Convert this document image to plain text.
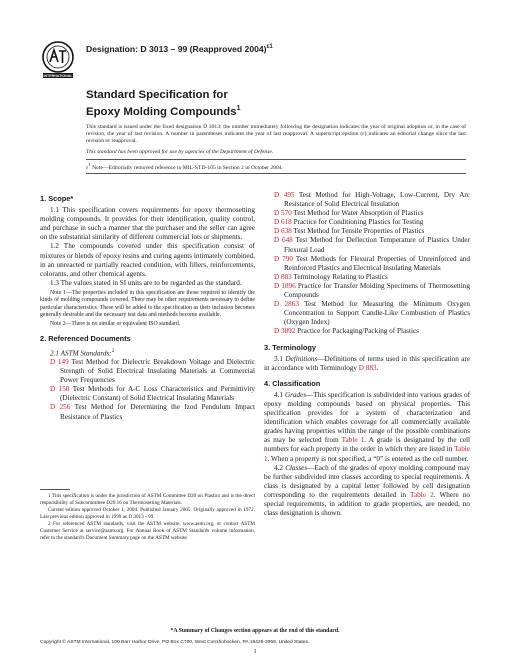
INTERNATIONAL
Designation: D 3013 – 99 (Reapproved 2004)$^{\varepsilon 1}$
Standard Specification for
Epoxy Molding Compounds$^1$
This standard is issued under the fixed designation D 3013; the number immediately following the designation indicates the year of original adoption or, in the case of revision, the year of last revision. A number in parentheses indicates the year of last reapproval. A superscript epsilon (ε) indicates an editorial change since the last revision or reapproval.
This standard has been approved for use by agencies of the Department of Defense.
$\varepsilon^1$ Note—Editorially removed reference to MIL-STD-105 in Section 2 in October 2004.

1. Scope*

1.1 This specification covers requirements for epoxy thermosetting molding compounds. It provides for their identification, quality control, and purchase in such a manner that the purchaser and the seller can agree on the substantial similarity of different commercial lots or shipments.

1.2 The compounds covered under this specification consist of mixtures or blends of epoxy resins and curing agents intimately combined, in an unreacted or partially reacted condition, with fillers, reinforcements, colorants, and other chemical agents.

1.3 The values stated in SI units are to be regarded as the standard.

Note 1—The properties included in this specification are those required to identify the kinds of molding compounds covered. There may be other requirements necessary to define particular characteristics. These will be added to the specification as their inclusion becomes generally desirable and the necessary test data and methods become available.

Note 2—There is no similar or equivalent ISO standard.

2. Referenced Documents

2.1 ASTM Standards:$^2$

D 149 Test Method for Dielectric Breakdown Voltage and Dielectric Strength of Solid Electrical Insulating Materials at Commercial Power Frequencies

D 150 Test Methods for A-C Loss Characteristics and Permittivity (Dielectric Constant) of Solid Electrical Insulating Materials

D 256 Test Method for Determining the Izod Pendulum Impact Resistance of Plastics

1 This specification is under the jurisdiction of ASTM Committee D20 on Plastics and is the direct responsibility of Subcommittee D20.16 on Thermosetting Materials.

Current edition approved October 1, 2004. Published January 2005. Originally approved in 1972. Last previous edition approved in 1999 as D 3013 - 99.

2 For referenced ASTM standards, visit the ASTM website, www.astm.org, or contact ASTM Customer Service at service@astm.org. For Annual Book of ASTM Standards volume information, refer to the standard's Document Summary page on the ASTM website.

D 495 Test Method for High-Voltage, Low-Current, Dry Arc Resistance of Solid Electrical Insulation

D 570 Test Method for Water Absorption of Plastics

D 618 Practice for Conditioning Plastics for Testing

D 638 Test Method for Tensile Properties of Plastics

D 648 Test Method for Deflection Temperature of Plastics Under Flexural Load

D 790 Test Methods for Flexural Properties of Unreinforced and Reinforced Plastics and Electrical Insulating Materials

D 883 Terminology Relating to Plastics

D 1896 Practice for Transfer Molding Specimens of Thermosetting Compounds

D 2863 Test Method for Measuring the Minimum Oxygen Concentration to Support Candle-Like Combustion of Plastics (Oxygen Index)

D 3892 Practice for Packaging/Packing of Plastics

3. Terminology

3.1 Definitions—Definitions of terms used in this specification are in accordance with Terminology D 883.

4. Classification

4.1 Grades—This specification is subdivided into various grades of epoxy molding compounds based on physical properties. This specification provides for a system of characterization and identification which enables coverage for all commercially available grades having properties within the range of the possible combinations as may be selected from Table 1. A grade is designated by the cell numbers for each property in the order in which they are listed in Table 1. When a property is not specified, a “0” is entered as the cell number.

4.2 Classes—Each of the grades of epoxy molding compound may be further subdivided into classes according to special requirements. A class is designated by a capital letter followed by cell designation corresponding to the requirements detailed in Table 2. Where no special requirements, in addition to grade properties, are needed, no class designation is shown.

*A Summary of Changes section appears at the end of this standard.
Copyright © ASTM International, 100 Barr Harbor Drive, PO Box C700, West Conshohocken, PA 19428-2959, United States.
1
